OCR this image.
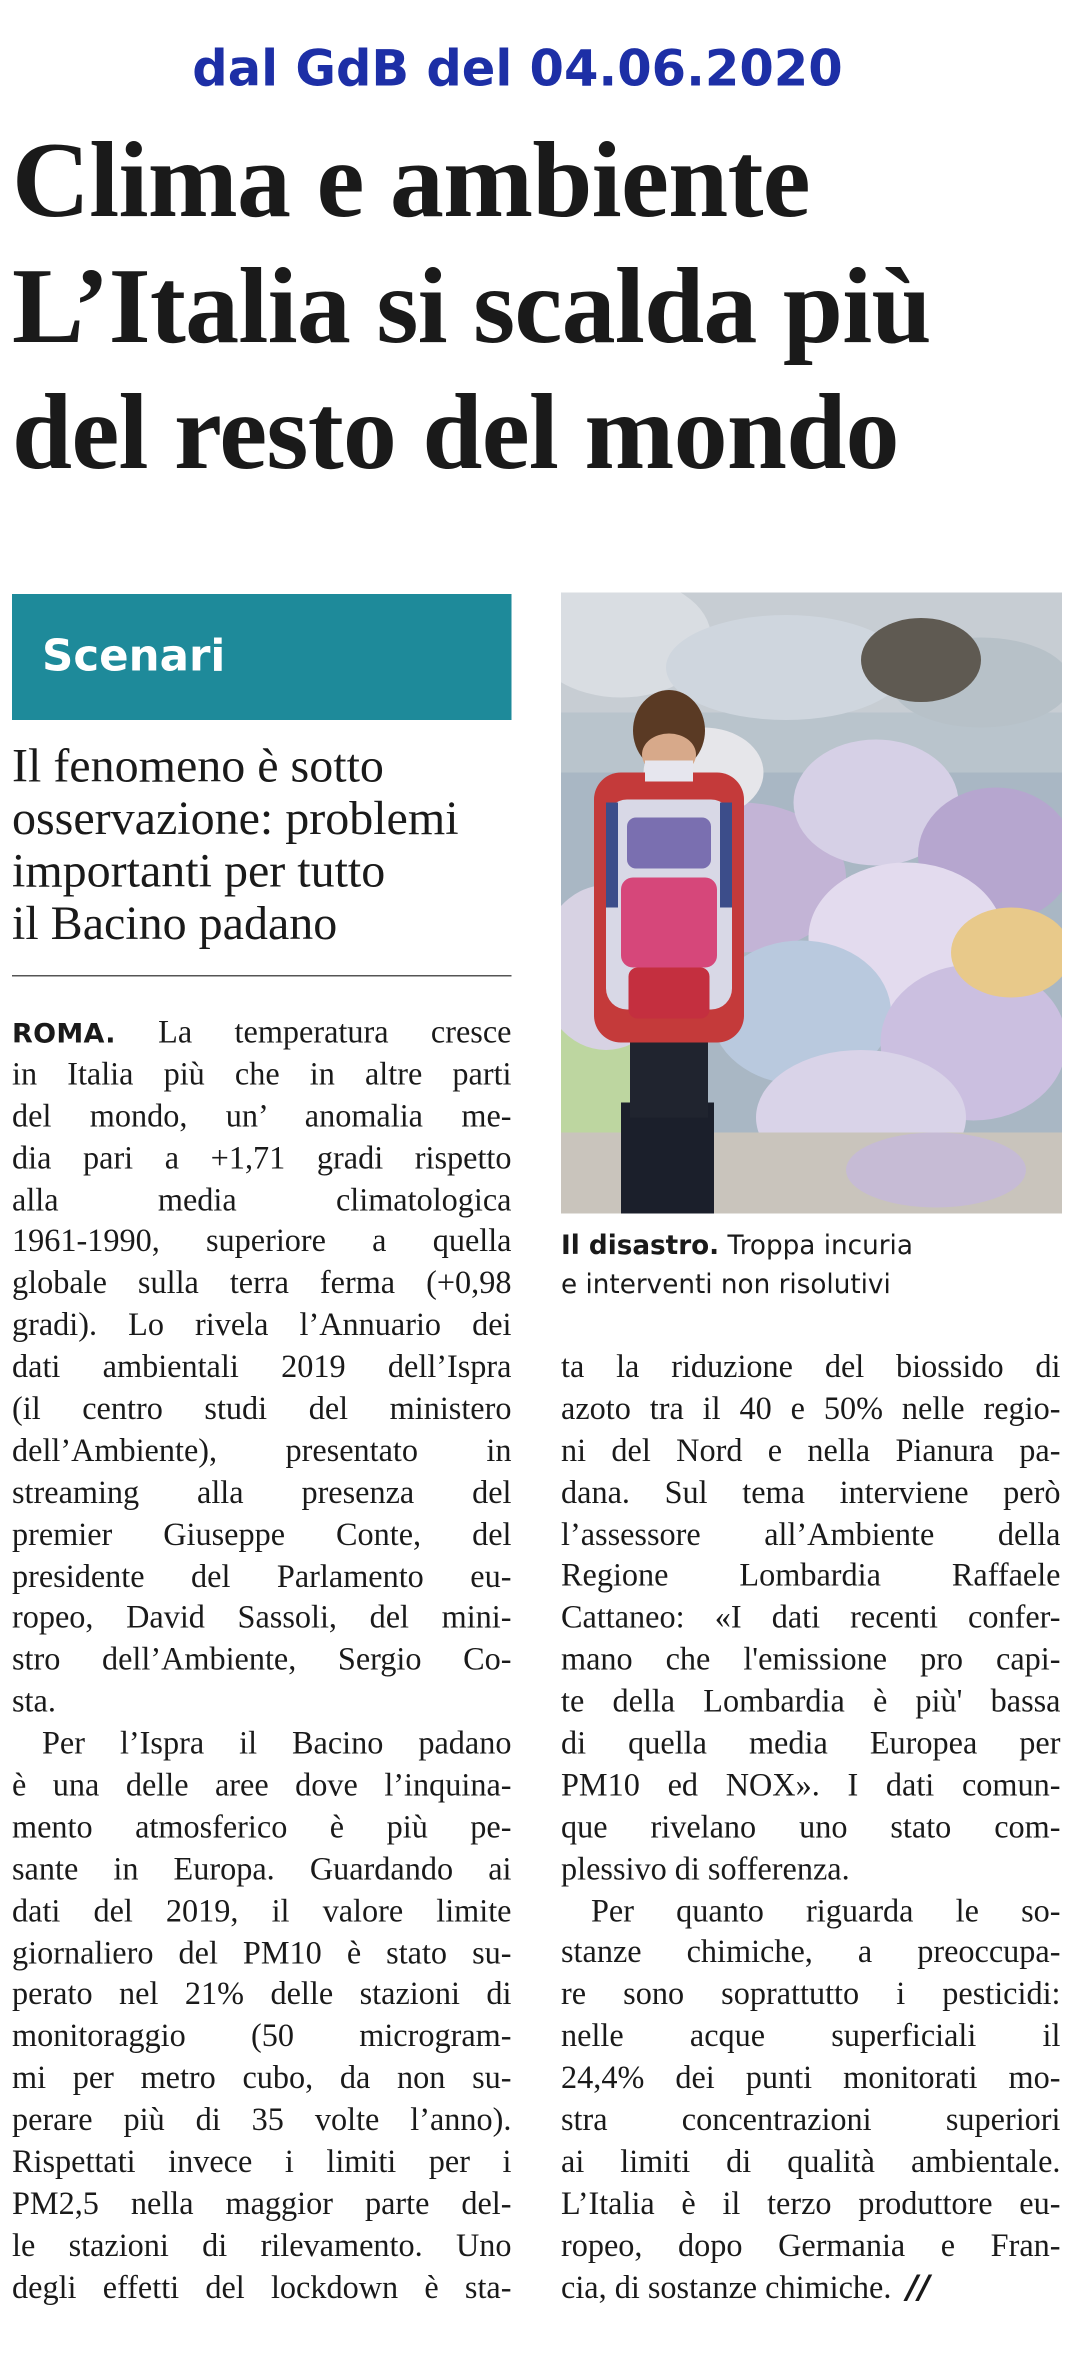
dal GdB del 04.06.2020
Clima e ambiente
L’Italia si scalda più
del resto del mondo
Scenari
Il fenomeno è sotto
osservazione: problemi
importanti per tutto
il Bacino padano
ROMA. La temperatura cresce
in Italia più che in altre parti
del mondo, un’ anomalia me-
dia pari a +1,71 gradi rispetto
alla media climatologica
1961-1990, superiore a quella
globale sulla terra ferma (+0,98
gradi). Lo rivela l’Annuario dei
dati ambientali 2019 dell’Ispra
(il centro studi del ministero
dell’Ambiente), presentato in
streaming alla presenza del
premier Giuseppe Conte, del
presidente del Parlamento eu-
ropeo, David Sassoli, del mini-
stro dell’Ambiente, Sergio Co-
sta.
Per l’Ispra il Bacino padano
è una delle aree dove l’inquina-
mento atmosferico è più pe-
sante in Europa. Guardando ai
dati del 2019, il valore limite
giornaliero del PM10 è stato su-
perato nel 21% delle stazioni di
monitoraggio (50 microgram-
mi per metro cubo, da non su-
perare più di 35 volte l’anno).
Rispettati invece i limiti per i
PM2,5 nella maggior parte del-
le stazioni di rilevamento. Uno
degli effetti del lockdown è sta-
Il disastro. Troppa incuria
e interventi non risolutivi
ta la riduzione del biossido di
azoto tra il 40 e 50% nelle regio-
ni del Nord e nella Pianura pa-
dana. Sul tema interviene però
l’assessore all’Ambiente della
Regione Lombardia Raffaele
Cattaneo: «I dati recenti confer-
mano che l'emissione pro capi-
te della Lombardia è più' bassa
di quella media Europea per
PM10 ed NOX». I dati comun-
que rivelano uno stato com-
plessivo di sofferenza.
Per quanto riguarda le so-
stanze chimiche, a preoccupa-
re sono soprattutto i pesticidi:
nelle acque superficiali il
24,4% dei punti monitorati mo-
stra concentrazioni superiori
ai limiti di qualità ambientale.
L’Italia è il terzo produttore eu-
ropeo, dopo Germania e Fran-
cia, di sostanze chimiche. //
